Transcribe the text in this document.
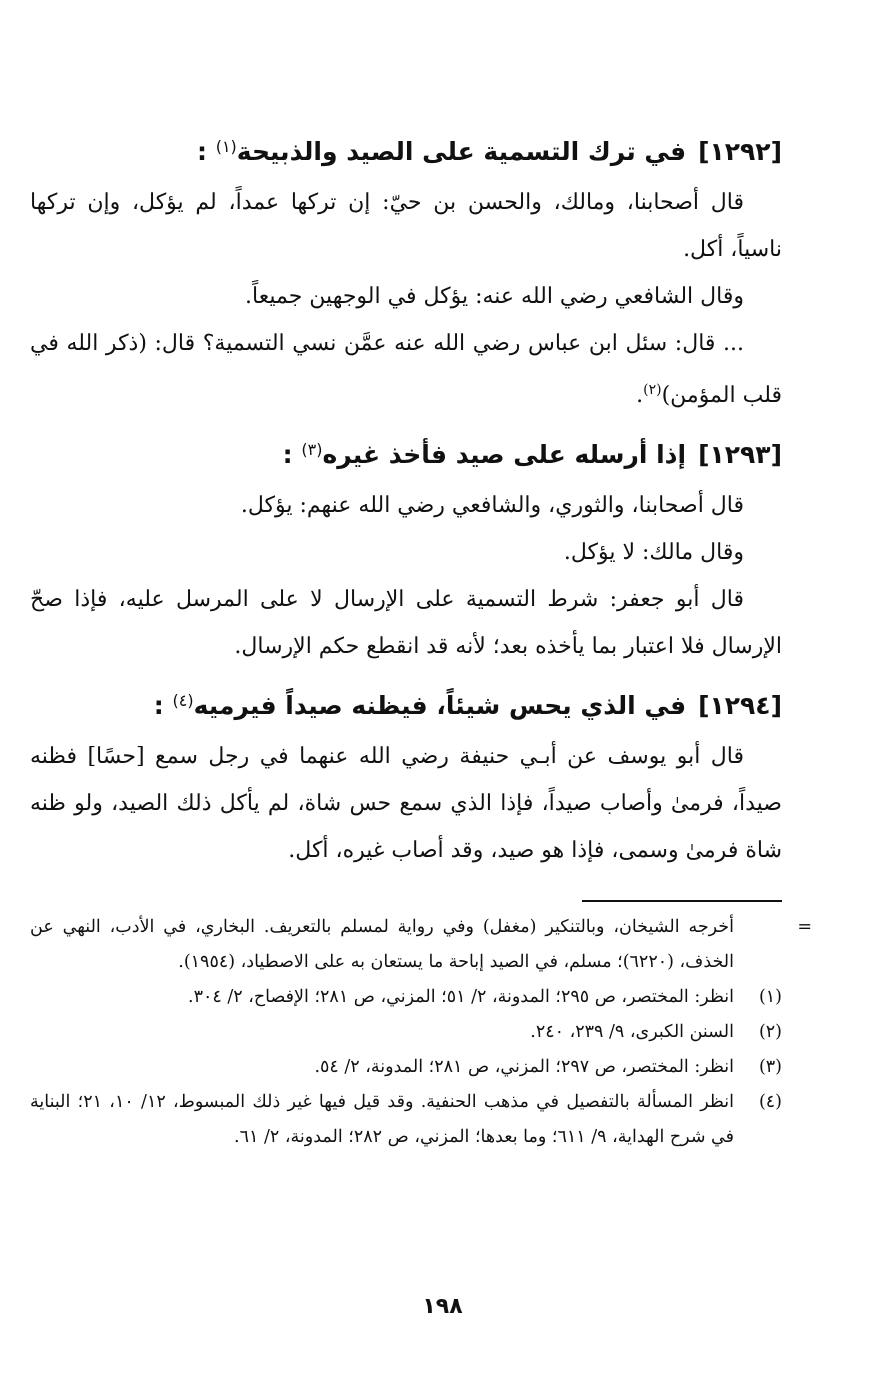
[١٢٩٢]في ترك التسمية على الصيد والذبيحة$^{(١)}$ :

قال أصحابنا، ومالك، والحسن بن حيّ: إن تركها عمداً، لم يؤكل، وإن تركها ناسياً، أكل.

وقال الشافعي رضي الله عنه: يؤكل في الوجهين جميعاً.

... قال: سئل ابن عباس رضي الله عنه عمَّن نسي التسمية؟ قال: (ذكر الله في قلب المؤمن)$^{(٢)}$.

[١٢٩٣]إذا أرسله على صيد فأخذ غيره$^{(٣)}$ :

قال أصحابنا، والثوري، والشافعي رضي الله عنهم: يؤكل.

وقال مالك: لا يؤكل.

قال أبو جعفر: شرط التسمية على الإرسال لا على المرسل عليه، فإذا صحّ الإرسال فلا اعتبار بما يأخذه بعد؛ لأنه قد انقطع حكم الإرسال.

[١٢٩٤]في الذي يحس شيئاً، فيظنه صيداً فيرميه$^{(٤)}$ :

قال أبو يوسف عن أبـي حنيفة رضي الله عنهما في رجل سمع [حسًا] فظنه صيداً، فرمىٰ وأصاب صيداً، فإذا الذي سمع حس شاة، لم يأكل ذلك الصيد، ولو ظنه شاة فرمىٰ وسمى، فإذا هو صيد، وقد أصاب غيره، أكل.

=
أخرجه الشيخان، وبالتنكير (مغفل) وفي رواية لمسلم بالتعريف. البخاري، في الأدب، النهي عن الخذف، (٦٢٢٠)؛ مسلم، في الصيد إباحة ما يستعان به على الاصطياد، (١٩٥٤).
(١)
انظر: المختصر، ص ٢٩٥؛ المدونة، ٢/ ٥١؛ المزني، ص ٢٨١؛ الإفصاح، ٢/ ٣٠٤.
(٢)
السنن الكبرى، ٩/ ٢٣٩، ٢٤٠.
(٣)
انظر: المختصر، ص ٢٩٧؛ المزني، ص ٢٨١؛ المدونة، ٢/ ٥٤.
(٤)
انظر المسألة بالتفصيل في مذهب الحنفية. وقد قيل فيها غير ذلك المبسوط، ١٢/ ١٠، ٢١؛ البناية في شرح الهداية، ٩/ ٦١١؛ وما بعدها؛ المزني، ص ٢٨٢؛ المدونة، ٢/ ٦١.
١٩٨
